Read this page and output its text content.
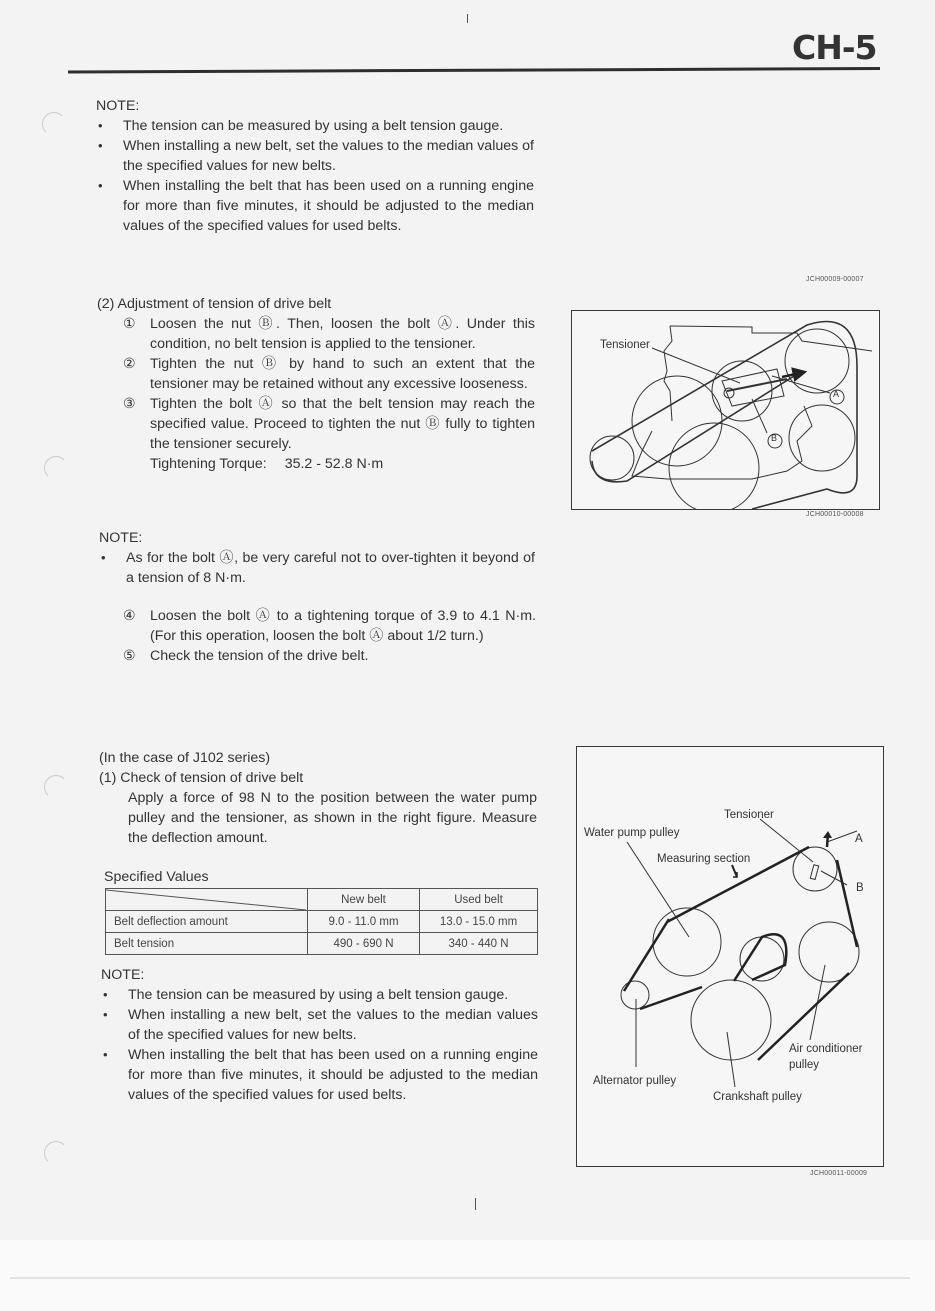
CH-5

NOTE:

• The tension can be measured by using a belt tension gauge.
• When installing a new belt, set the values to the median values of the specified values for new belts.
• When installing the belt that has been used on a running engine for more than five minutes, it should be adjusted to the median values of the specified values for used belts.
JCH00009-00007

(2) Adjustment of tension of drive belt

① Loosen the nut Ⓑ. Then, loosen the bolt Ⓐ. Under this condition, no belt tension is applied to the tensioner.
② Tighten the nut Ⓑ by hand to such an extent that the tensioner may be retained without any excessive looseness.
③ Tighten the bolt Ⓐ so that the belt tension may reach the specified value. Proceed to tighten the nut Ⓑ fully to tighten the tensioner securely.
Tightening Torque: 35.2 - 52.8 N·m
Tensioner
A
B
JCH00010-00008

NOTE:

• As for the bolt Ⓐ, be very careful not to over-tighten it beyond of a tension of 8 N·m.
④ Loosen the bolt Ⓐ to a tightening torque of 3.9 to 4.1 N·m. (For this operation, loosen the bolt Ⓐ about 1/2 turn.)
⑤ Check the tension of the drive belt.

(In the case of J102 series)

(1) Check of tension of drive belt

Apply a force of 98 N to the position between the water pump pulley and the tensioner, as shown in the right figure. Measure the deflection amount.
Specified Values
	New belt	Used belt
Belt deflection amount	9.0 - 11.0 mm	13.0 - 15.0 mm
Belt tension	490 - 690 N	340 - 440 N

NOTE:

• The tension can be measured by using a belt tension gauge.
• When installing a new belt, set the values to the median values of the specified values for new belts.
• When installing the belt that has been used on a running engine for more than five minutes, it should be adjusted to the median values of the specified values for used belts.
Tensioner
Water pump pulley
Measuring section
A
B
Air conditioner
pulley
Alternator pulley
Crankshaft pulley
JCH00011-00009
